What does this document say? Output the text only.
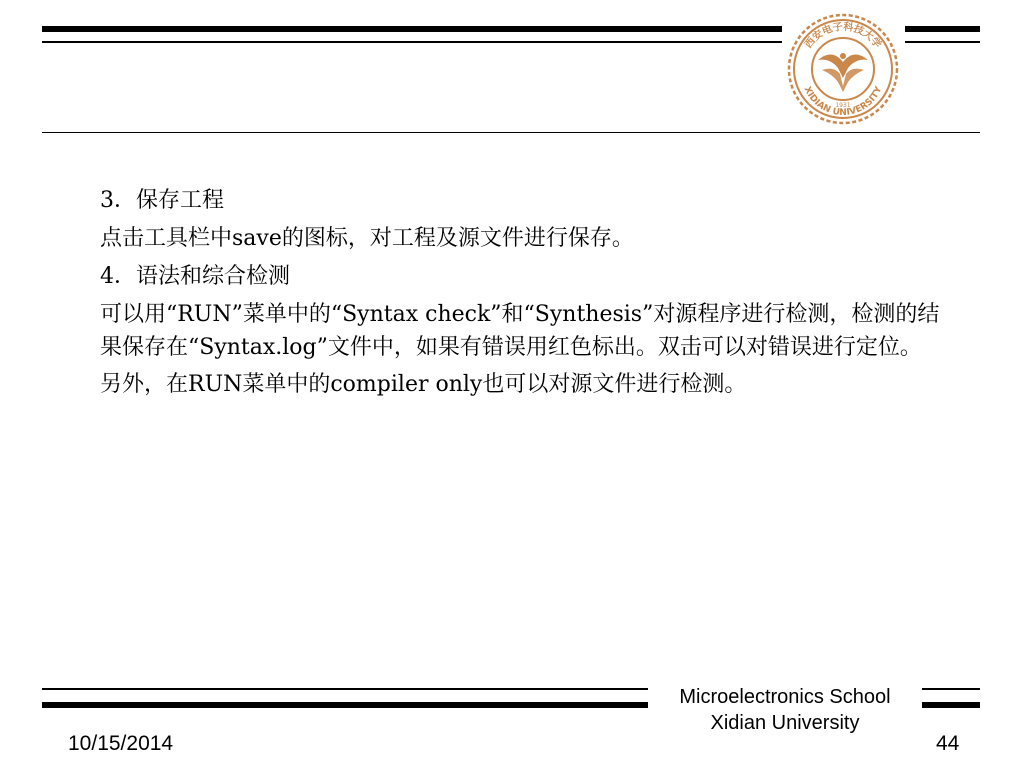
西安电子科技大学
XIDIAN UNIVERSITY
1931

3．保存工程

点击工具栏中save的图标，对工程及源文件进行保存。

4．语法和综合检测

可以用“RUN”菜单中的“Syntax check”和“Synthesis”对源程序进行检测，检测的结果保存在“Syntax.log”文件中，如果有错误用红色标出。双击可以对错误进行定位。

另外，在RUN菜单中的compiler only也可以对源文件进行检测。

Microelectronics School
Xidian University
10/15/2014	44
